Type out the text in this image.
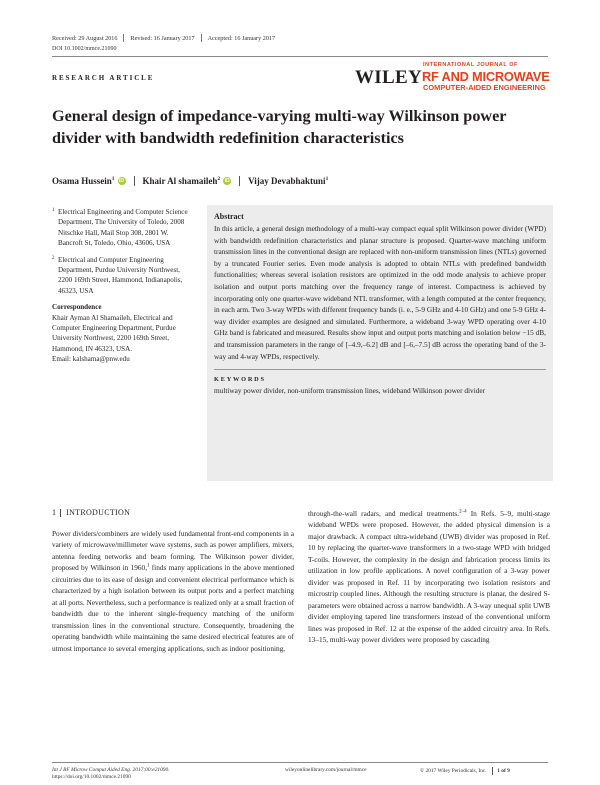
Received: 29 August 2016 Revised: 16 January 2017 Accepted: 16 January 2017
DOI 10.1002/mmce.21090
RESEARCH ARTICLE	WILEY
INTERNATIONAL JOURNAL OF
RF AND MICROWAVE
COMPUTER-AIDED ENGINEERING
General design of impedance-varying multi-way Wilkinson power divider with bandwidth redefinition characteristics
Osama Hussein$^1$ iD Khair Al shamaileh$^2$ iD Vijay Devabhaktuni$^1$
1 Electrical Engineering and Computer Science Department, The University of Toledo, 2008 Nitschke Hall, Mail Stop 308, 2801 W. Bancroft St, Toledo, Ohio, 43606, USA
2 Electrical and Computer Engineering Department, Purdue University Northwest, 2200 169th Street, Hammond, Indianapolis, 46323, USA
Correspondence
Khair Ayman Al Shamaileh, Electrical and Computer Engineering Department, Purdue University Northwest, 2200 169th Street, Hammond, IN 46323, USA.
Email: kalshama@pnw.edu
Abstract

In this article, a general design methodology of a multi-way compact equal split Wilkinson power divider (WPD) with bandwidth redefinition characteristics and planar structure is proposed. Quarter-wave matching uniform transmission lines in the conventional design are replaced with non-uniform transmission lines (NTLs) governed by a truncated Fourier series. Even mode analysis is adopted to obtain NTLs with predefined bandwidth functionalities; whereas several isolation resistors are optimized in the odd mode analysis to achieve proper isolation and output ports matching over the frequency range of interest. Compactness is achieved by incorporating only one quarter-wave wideband NTL transformer, with a length computed at the center frequency, in each arm. Two 3-way WPDs with different frequency bands (i. e., 5-9 GHz and 4-10 GHz) and one 5-9 GHz 4-way divider examples are designed and simulated. Furthermore, a wideband 3-way WPD operating over 4-10 GHz band is fabricated and measured. Results show input and output ports matching and isolation below −15 dB, and transmission parameters in the range of [–4.9,–6.2] dB and [–6,–7.5] dB across the operating band of the 3-way and 4-way WPDs, respectively.

KEYWORDS
multiway power divider, non-uniform transmission lines, wideband Wilkinson power divider
1 INTRODUCTION

Power dividers/combiners are widely used fundamental front-end components in a variety of microwave/millimeter wave systems, such as power amplifiers, mixers, antenna feeding networks and beam forming. The Wilkinson power divider, proposed by Wilkinson in 1960,$^1$ finds many applications in the above mentioned circuitries due to its ease of design and convenient electrical performance which is characterized by a high isolation between its output ports and a perfect matching at all ports. Nevertheless, such a performance is realized only at a small fraction of bandwidth due to the inherent single-frequency matching of the uniform transmission lines in the conventional structure. Consequently, broadening the operating bandwidth while maintaining the same desired electrical features are of utmost importance to several emerging applications, such as indoor positioning,

through-the-wall radars, and medical treatments.$^{2-4}$ In Refs. 5–9, multi-stage wideband WPDs were proposed. However, the added physical dimension is a major drawback. A compact ultra-wideband (UWB) divider was proposed in Ref. 10 by replacing the quarter-wave transformers in a two-stage WPD with bridged T-coils. However, the complexity in the design and fabrication process limits its utilization in low profile applications. A novel configuration of a 3-way power divider was proposed in Ref. 11 by incorporating two isolation resistors and microstrip coupled lines. Although the resulting structure is planar, the desired S-parameters were obtained across a narrow bandwidth. A 3-way unequal split UWB divider employing tapered line transformers instead of the conventional uniform lines was proposed in Ref. 12 at the expense of the added circuitry area. In Refs. 13–15, multi-way power dividers were proposed by cascading

Int J RF Microw Comput Aided Eng. 2017;00:e21090.
https://doi.org/10.1002/mmce.21090
wileyonlinelibrary.com/journal/mmce	© 2017 Wiley Periodicals, Inc. 1 of 9
